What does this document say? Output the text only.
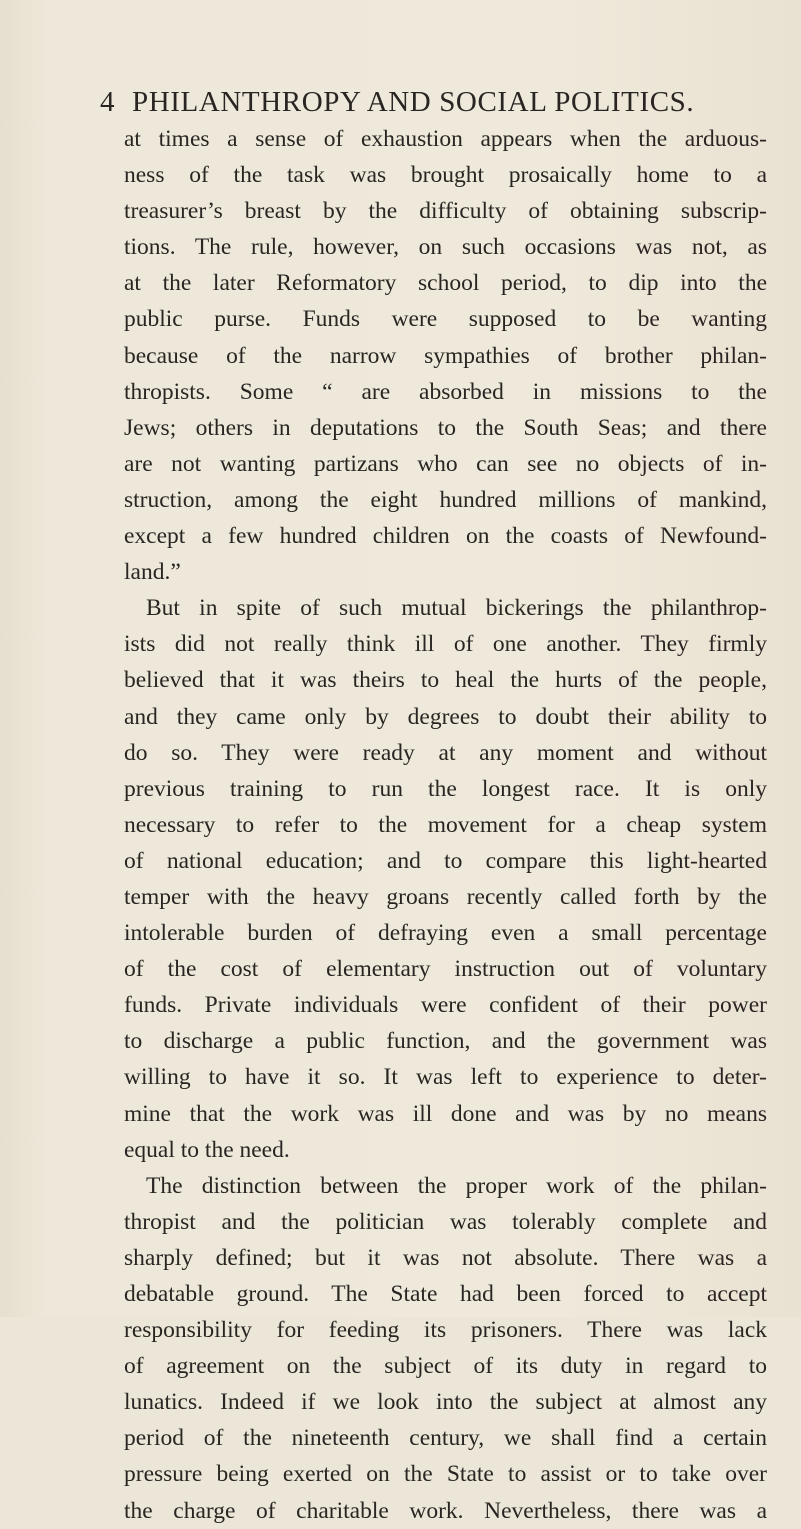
4 PHILANTHROPY AND SOCIAL POLITICS.
at times a sense of exhaustion appears when the arduous-
ness of the task was brought prosaically home to a
treasurer’s breast by the difficulty of obtaining subscrip-
tions. The rule, however, on such occasions was not, as
at the later Reformatory school period, to dip into the
public purse. Funds were supposed to be wanting
because of the narrow sympathies of brother philan-
thropists. Some “ are absorbed in missions to the
Jews; others in deputations to the South Seas; and there
are not wanting partizans who can see no objects of in-
struction, among the eight hundred millions of mankind,
except a few hundred children on the coasts of Newfound-
land.”
But in spite of such mutual bickerings the philanthrop-
ists did not really think ill of one another. They firmly
believed that it was theirs to heal the hurts of the people,
and they came only by degrees to doubt their ability to
do so. They were ready at any moment and without
previous training to run the longest race. It is only
necessary to refer to the movement for a cheap system
of national education; and to compare this light-hearted
temper with the heavy groans recently called forth by the
intolerable burden of defraying even a small percentage
of the cost of elementary instruction out of voluntary
funds. Private individuals were confident of their power
to discharge a public function, and the government was
willing to have it so. It was left to experience to deter-
mine that the work was ill done and was by no means
equal to the need.
The distinction between the proper work of the philan-
thropist and the politician was tolerably complete and
sharply defined; but it was not absolute. There was a
debatable ground. The State had been forced to accept
responsibility for feeding its prisoners. There was lack
of agreement on the subject of its duty in regard to
lunatics. Indeed if we look into the subject at almost any
period of the nineteenth century, we shall find a certain
pressure being exerted on the State to assist or to take over
the charge of charitable work. Nevertheless, there was a
